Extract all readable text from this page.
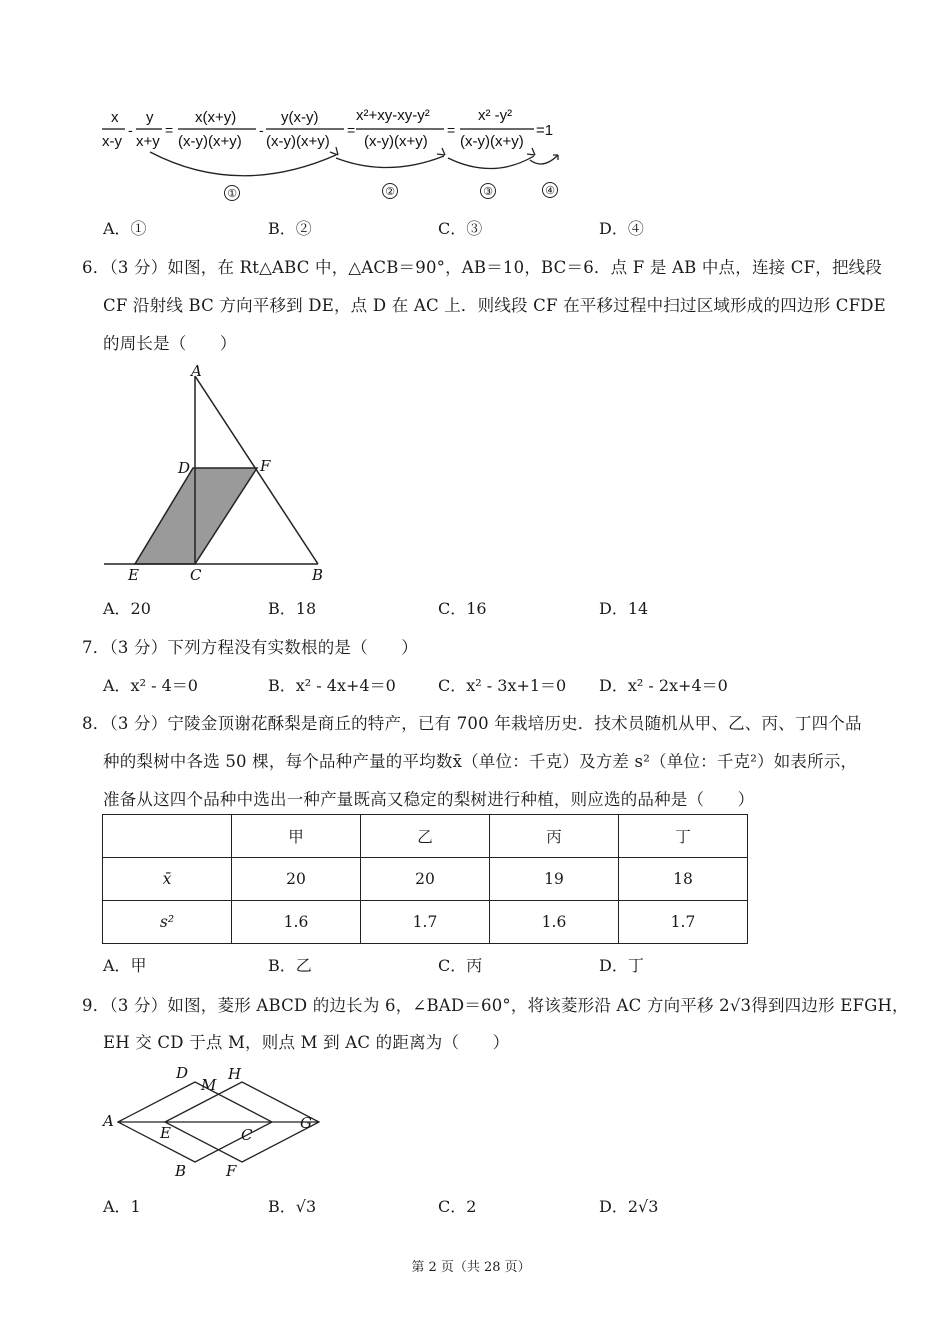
x
x-y
-
y
x+y
=
x(x+y)
(x-y)(x+y)
-
y(x-y)
(x-y)(x+y)
=
x²+xy-xy-y²
(x-y)(x+y)
=
x² -y²
(x-y)(x+y)
=1
①	②	③	④
A．①	B．②	C．③	D．④
6．（3 分）如图，在 Rt△ABC 中，△ACB＝90°，AB＝10，BC＝6．点 F 是 AB 中点，连接 CF，把线段
CF 沿射线 BC 方向平移到 DE，点 D 在 AC 上．则线段 CF 在平移过程中扫过区域形成的四边形 CFDE
的周长是（　　）
A
D	F
E	C	B
A．20	B．18	C．16	D．14
7．（3 分）下列方程没有实数根的是（　　）
A．x² - 4＝0	B．x² - 4x+4＝0	C．x² - 3x+1＝0 D．x² - 2x+4＝0
8．（3 分）宁陵金顶谢花酥梨是商丘的特产，已有 700 年栽培历史．技术员随机从甲、乙、丙、丁四个品
种的梨树中各选 50 棵，每个品种产量的平均数x̄（单位：千克）及方差 s²（单位：千克²）如表所示，
准备从这四个品种中选出一种产量既高又稳定的梨树进行种植，则应选的品种是（　　）
	甲	乙	丙	丁
x̄	20	20	19	18
s²	1.6	1.7	1.6	1.7
A．甲	B．乙	C．丙	D．丁
9．（3 分）如图，菱形 ABCD 的边长为 6，∠BAD＝60°，将该菱形沿 AC 方向平移 2√3得到四边形 EFGH，
EH 交 CD 于点 M，则点 M 到 AC 的距离为（　　）
D
M
H
A
E	C
G
B	F
A．1	B．√3	C．2	D．2√3
第 2 页（共 28 页）
